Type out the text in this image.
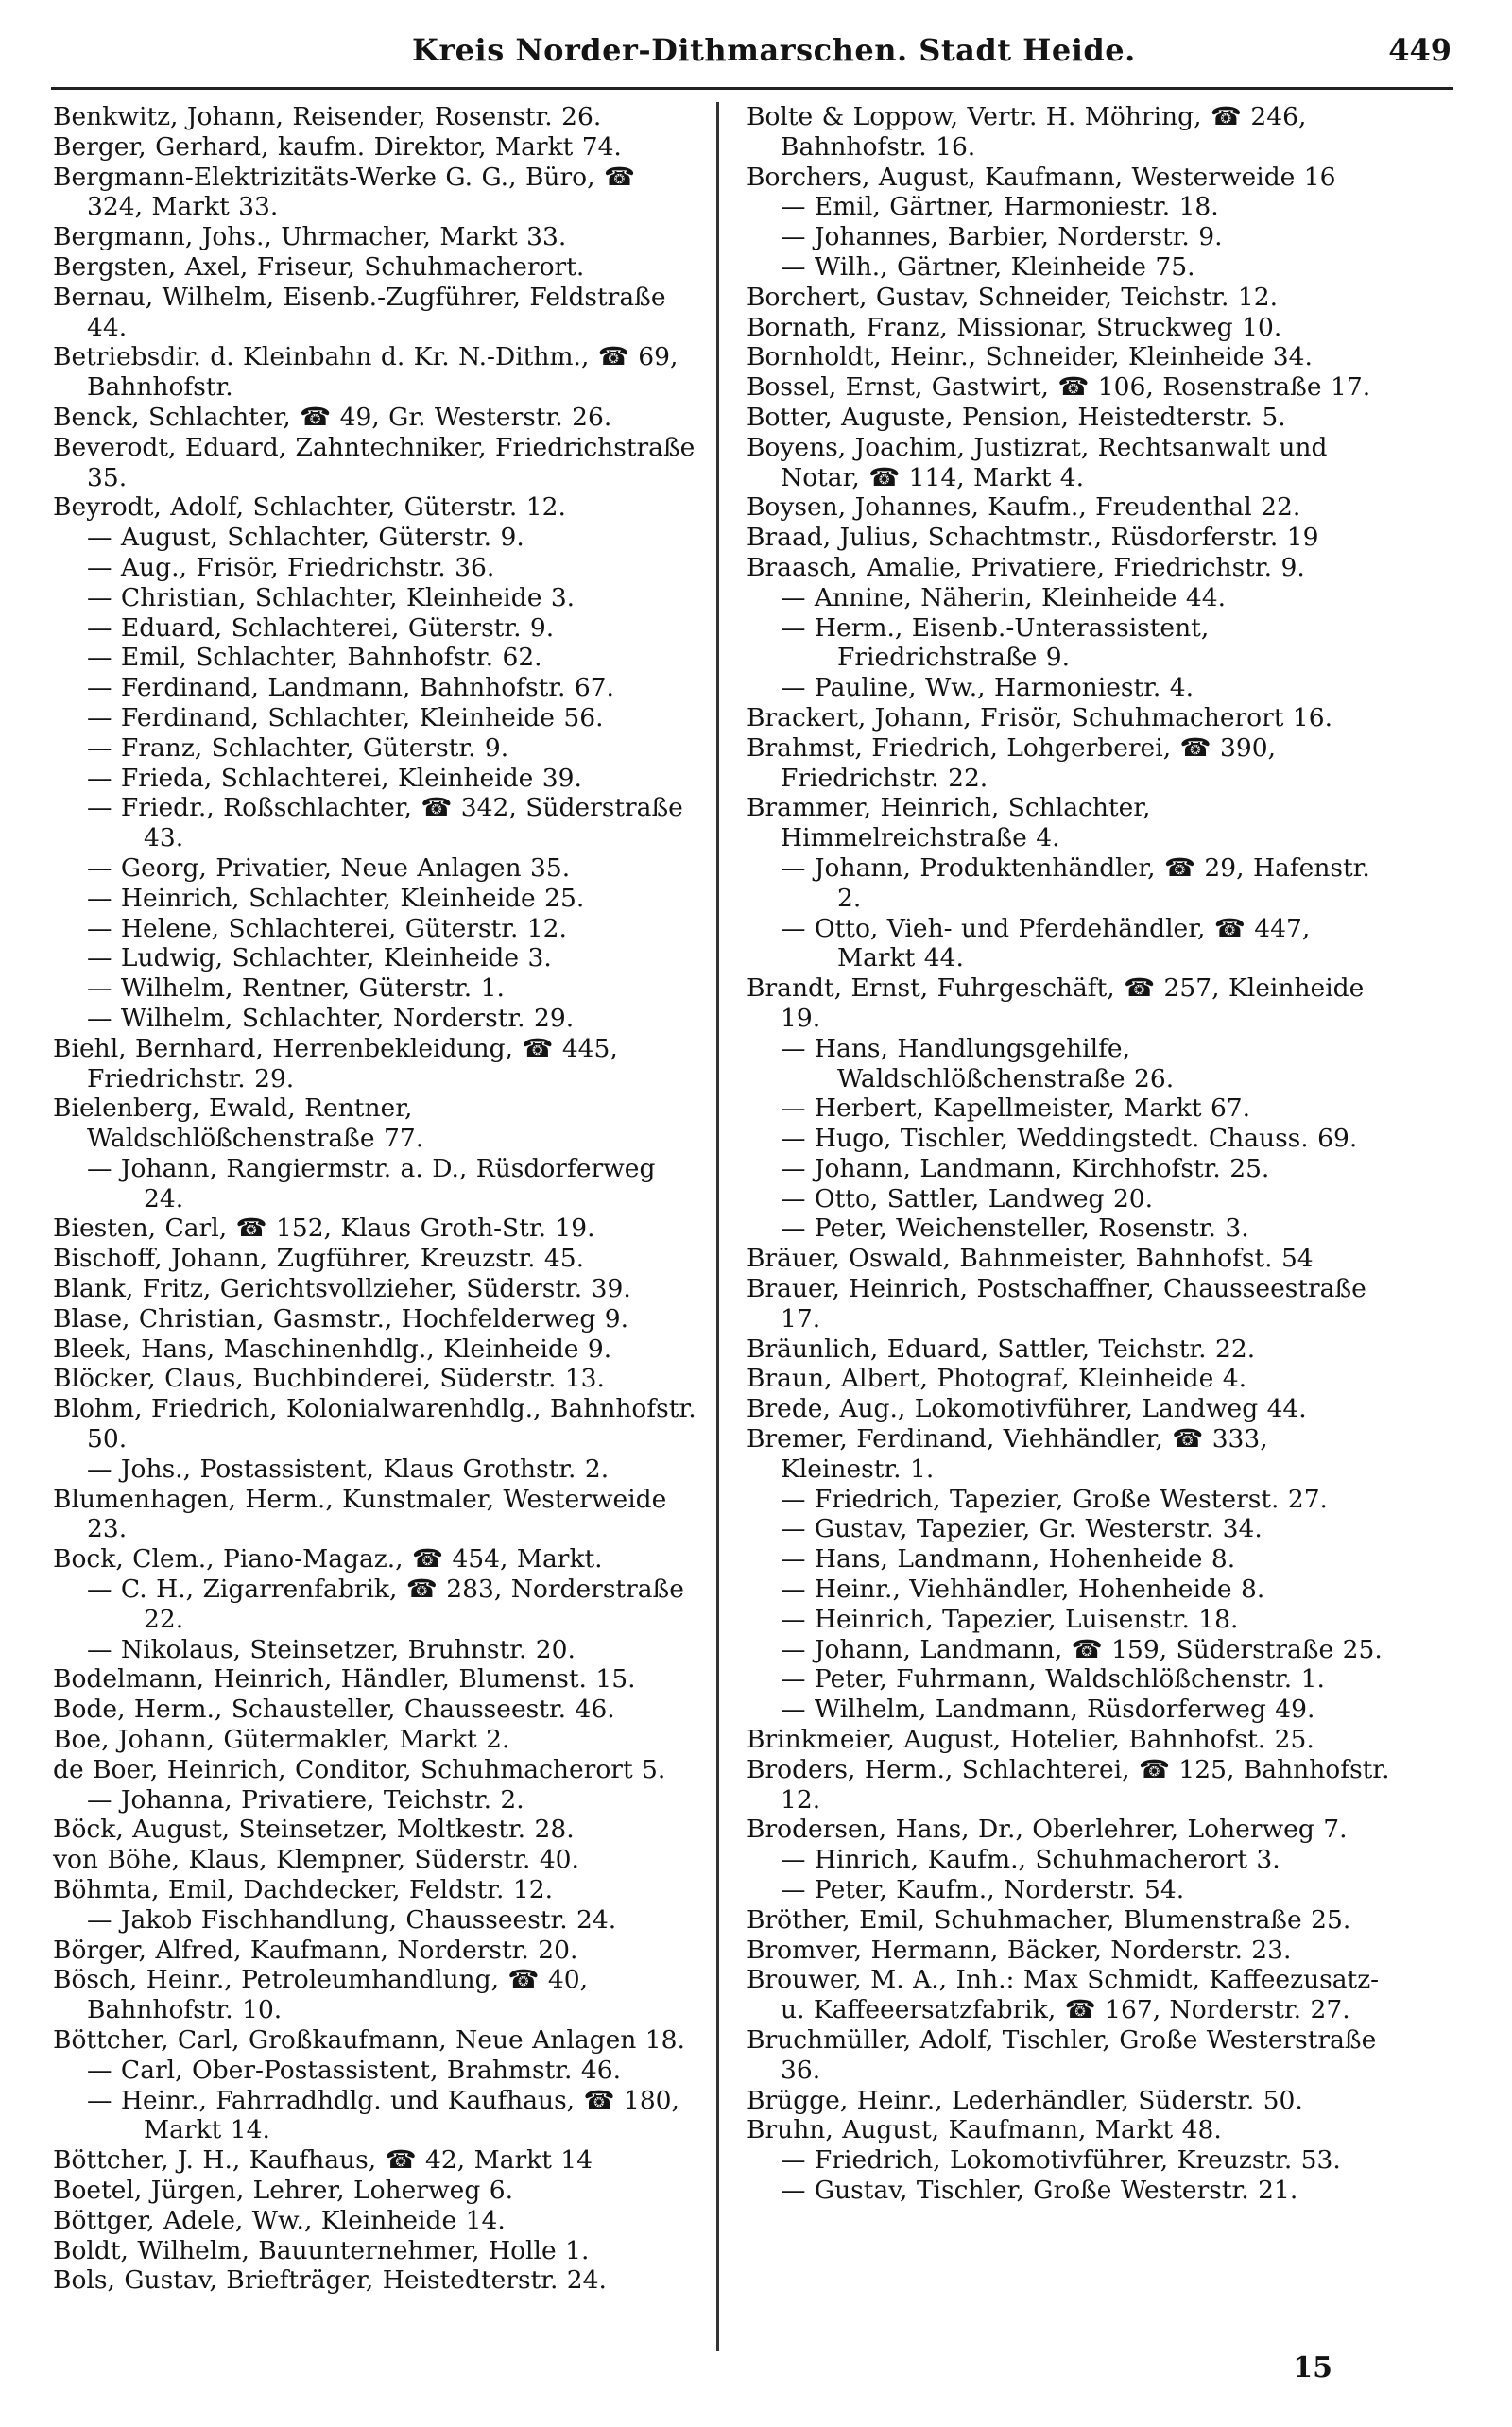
Kreis Norder-Dithmarschen. Stadt Heide.	449
Benkwitz, Johann, Reisender, Rosenstr. 26.
Berger, Gerhard, kaufm. Direktor, Markt 74.
Bergmann-Elektrizitäts-Werke G. G., Büro, ☎ 324, Markt 33.
Bergmann, Johs., Uhrmacher, Markt 33.
Bergsten, Axel, Friseur, Schuhmacherort.
Bernau, Wilhelm, Eisenb.-Zugführer, Feldstraße 44.
Betriebsdir. d. Kleinbahn d. Kr. N.-Dithm., ☎ 69, Bahnhofstr.
Benck, Schlachter, ☎ 49, Gr. Westerstr. 26.
Beverodt, Eduard, Zahntechniker, Friedrichstraße 35.
Beyrodt, Adolf, Schlachter, Güterstr. 12.
— August, Schlachter, Güterstr. 9.
— Aug., Frisör, Friedrichstr. 36.
— Christian, Schlachter, Kleinheide 3.
— Eduard, Schlachterei, Güterstr. 9.
— Emil, Schlachter, Bahnhofstr. 62.
— Ferdinand, Landmann, Bahnhofstr. 67.
— Ferdinand, Schlachter, Kleinheide 56.
— Franz, Schlachter, Güterstr. 9.
— Frieda, Schlachterei, Kleinheide 39.
— Friedr., Roßschlachter, ☎ 342, Süderstraße 43.
— Georg, Privatier, Neue Anlagen 35.
— Heinrich, Schlachter, Kleinheide 25.
— Helene, Schlachterei, Güterstr. 12.
— Ludwig, Schlachter, Kleinheide 3.
— Wilhelm, Rentner, Güterstr. 1.
— Wilhelm, Schlachter, Norderstr. 29.
Biehl, Bernhard, Herrenbekleidung, ☎ 445, Friedrichstr. 29.
Bielenberg, Ewald, Rentner, Waldschlößchenstraße 77.
— Johann, Rangiermstr. a. D., Rüsdorferweg 24.
Biesten, Carl, ☎ 152, Klaus Groth-Str. 19.
Bischoff, Johann, Zugführer, Kreuzstr. 45.
Blank, Fritz, Gerichtsvollzieher, Süderstr. 39.
Blase, Christian, Gasmstr., Hochfelderweg 9.
Bleek, Hans, Maschinenhdlg., Kleinheide 9.
Blöcker, Claus, Buchbinderei, Süderstr. 13.
Blohm, Friedrich, Kolonialwarenhdlg., Bahnhofstr. 50.
— Johs., Postassistent, Klaus Grothstr. 2.
Blumenhagen, Herm., Kunstmaler, Westerweide 23.
Bock, Clem., Piano-Magaz., ☎ 454, Markt.
— C. H., Zigarrenfabrik, ☎ 283, Norderstraße 22.
— Nikolaus, Steinsetzer, Bruhnstr. 20.
Bodelmann, Heinrich, Händler, Blumenst. 15.
Bode, Herm., Schausteller, Chausseestr. 46.
Boe, Johann, Gütermakler, Markt 2.
de Boer, Heinrich, Conditor, Schuhmacherort 5.
— Johanna, Privatiere, Teichstr. 2.
Böck, August, Steinsetzer, Moltkestr. 28.
von Böhe, Klaus, Klempner, Süderstr. 40.
Böhmta, Emil, Dachdecker, Feldstr. 12.
— Jakob Fischhandlung, Chausseestr. 24.
Börger, Alfred, Kaufmann, Norderstr. 20.
Bösch, Heinr., Petroleumhandlung, ☎ 40, Bahnhofstr. 10.
Böttcher, Carl, Großkaufmann, Neue Anlagen 18.
— Carl, Ober-Postassistent, Brahmstr. 46.
— Heinr., Fahrradhdlg. und Kaufhaus, ☎ 180, Markt 14.
Böttcher, J. H., Kaufhaus, ☎ 42, Markt 14
Boetel, Jürgen, Lehrer, Loherweg 6.
Böttger, Adele, Ww., Kleinheide 14.
Boldt, Wilhelm, Bauunternehmer, Holle 1.
Bols, Gustav, Briefträger, Heistedterstr. 24.
Bolte & Loppow, Vertr. H. Möhring, ☎ 246, Bahnhofstr. 16.
Borchers, August, Kaufmann, Westerweide 16
— Emil, Gärtner, Harmoniestr. 18.
— Johannes, Barbier, Norderstr. 9.
— Wilh., Gärtner, Kleinheide 75.
Borchert, Gustav, Schneider, Teichstr. 12.
Bornath, Franz, Missionar, Struckweg 10.
Bornholdt, Heinr., Schneider, Kleinheide 34.
Bossel, Ernst, Gastwirt, ☎ 106, Rosenstraße 17.
Botter, Auguste, Pension, Heistedterstr. 5.
Boyens, Joachim, Justizrat, Rechtsanwalt und Notar, ☎ 114, Markt 4.
Boysen, Johannes, Kaufm., Freudenthal 22.
Braad, Julius, Schachtmstr., Rüsdorferstr. 19
Braasch, Amalie, Privatiere, Friedrichstr. 9.
— Annine, Näherin, Kleinheide 44.
— Herm., Eisenb.-Unterassistent, Friedrichstraße 9.
— Pauline, Ww., Harmoniestr. 4.
Brackert, Johann, Frisör, Schuhmacherort 16.
Brahmst, Friedrich, Lohgerberei, ☎ 390, Friedrichstr. 22.
Brammer, Heinrich, Schlachter, Himmelreichstraße 4.
— Johann, Produktenhändler, ☎ 29, Hafenstr. 2.
— Otto, Vieh- und Pferdehändler, ☎ 447, Markt 44.
Brandt, Ernst, Fuhrgeschäft, ☎ 257, Kleinheide 19.
— Hans, Handlungsgehilfe, Waldschlößchenstraße 26.
— Herbert, Kapellmeister, Markt 67.
— Hugo, Tischler, Weddingstedt. Chauss. 69.
— Johann, Landmann, Kirchhofstr. 25.
— Otto, Sattler, Landweg 20.
— Peter, Weichensteller, Rosenstr. 3.
Bräuer, Oswald, Bahnmeister, Bahnhofst. 54
Brauer, Heinrich, Postschaffner, Chausseestraße 17.
Bräunlich, Eduard, Sattler, Teichstr. 22.
Braun, Albert, Photograf, Kleinheide 4.
Brede, Aug., Lokomotivführer, Landweg 44.
Bremer, Ferdinand, Viehhändler, ☎ 333, Kleinestr. 1.
— Friedrich, Tapezier, Große Westerst. 27.
— Gustav, Tapezier, Gr. Westerstr. 34.
— Hans, Landmann, Hohenheide 8.
— Heinr., Viehhändler, Hohenheide 8.
— Heinrich, Tapezier, Luisenstr. 18.
— Johann, Landmann, ☎ 159, Süderstraße 25.
— Peter, Fuhrmann, Waldschlößchenstr. 1.
— Wilhelm, Landmann, Rüsdorferweg 49.
Brinkmeier, August, Hotelier, Bahnhofst. 25.
Broders, Herm., Schlachterei, ☎ 125, Bahnhofstr. 12.
Brodersen, Hans, Dr., Oberlehrer, Loherweg 7.
— Hinrich, Kaufm., Schuhmacherort 3.
— Peter, Kaufm., Norderstr. 54.
Bröther, Emil, Schuhmacher, Blumenstraße 25.
Bromver, Hermann, Bäcker, Norderstr. 23.
Brouwer, M. A., Inh.: Max Schmidt, Kaffeezusatz- u. Kaffeeersatzfabrik, ☎ 167, Norderstr. 27.
Bruchmüller, Adolf, Tischler, Große Westerstraße 36.
Brügge, Heinr., Lederhändler, Süderstr. 50.
Bruhn, August, Kaufmann, Markt 48.
— Friedrich, Lokomotivführer, Kreuzstr. 53.
— Gustav, Tischler, Große Westerstr. 21.
15
